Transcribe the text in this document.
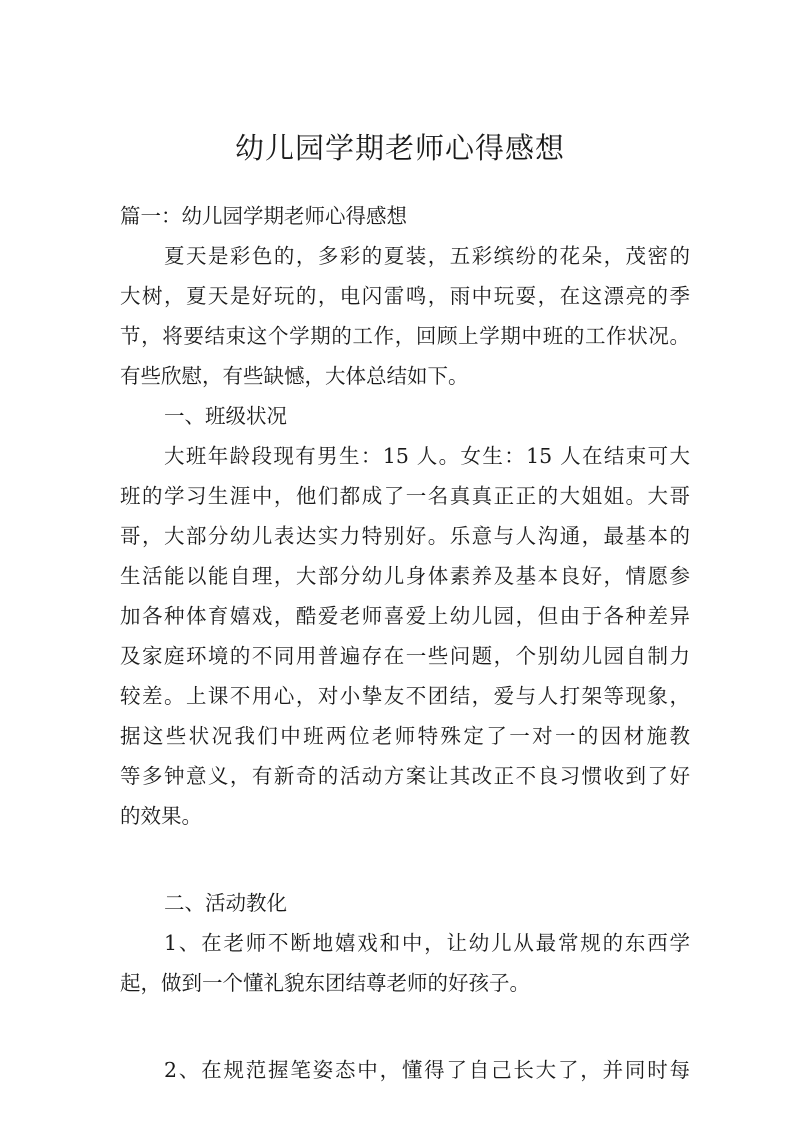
幼儿园学期老师心得感想
篇一：幼儿园学期老师心得感想
夏天是彩色的，多彩的夏装，五彩缤纷的花朵，茂密的
大树，夏天是好玩的，电闪雷鸣，雨中玩耍，在这漂亮的季
节，将要结束这个学期的工作，回顾上学期中班的工作状况。
有些欣慰，有些缺憾，大体总结如下。
一、班级状况
大班年龄段现有男生：15 人。女生：15 人在结束可大
班的学习生涯中，他们都成了一名真真正正的大姐姐。大哥
哥，大部分幼儿表达实力特别好。乐意与人沟通，最基本的
生活能以能自理，大部分幼儿身体素养及基本良好，情愿参
加各种体育嬉戏，酷爱老师喜爱上幼儿园，但由于各种差异
及家庭环境的不同用普遍存在一些问题，个别幼儿园自制力
较差。上课不用心，对小挚友不团结，爱与人打架等现象，
据这些状况我们中班两位老师特殊定了一对一的因材施教
等多钟意义，有新奇的活动方案让其改正不良习惯收到了好
的效果。
二、活动教化
1、在老师不断地嬉戏和中，让幼儿从最常规的东西学
起，做到一个懂礼貌东团结尊老师的好孩子。
2、在规范握笔姿态中，懂得了自己长大了，并同时每
